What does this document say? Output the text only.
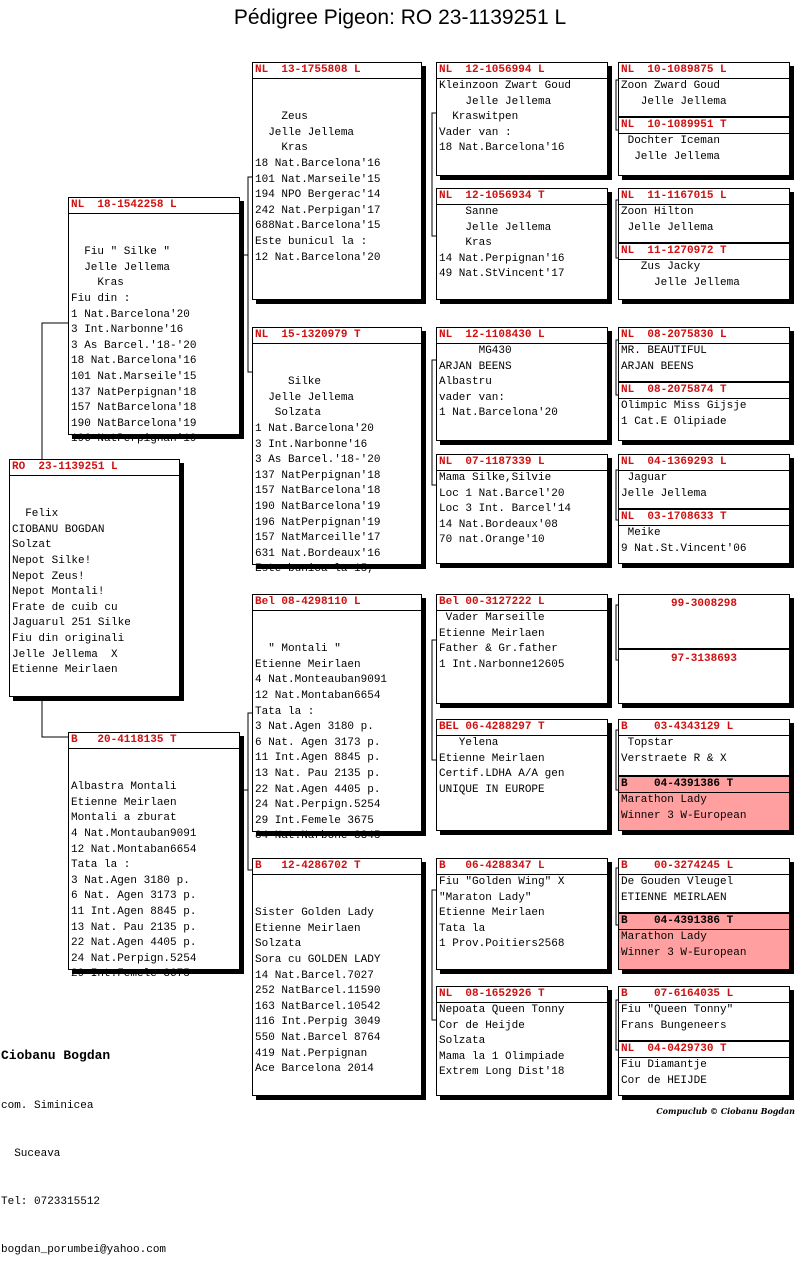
Pédigree Pigeon: RO 23-1139251 L
RO  23-1139251 L

Felix
CIOBANU BOGDAN
Solzat
Nepot Silke!
Nepot Zeus!
Nepot Montali!
Frate de cuib cu
Jaguarul 251 Silke
Fiu din originali
Jelle Jellema  X
Etienne Meirlaen

NL  18-1542258 L

Fiu " Silke "
Jelle Jellema
Kras
Fiu din :
1 Nat.Barcelona'20
3 Int.Narbonne'16
3 As Barcel.'18-'20
18 Nat.Barcelona'16
101 Nat.Marseile'15
137 NatPerpignan'18
157 NatBarcelona'18
190 NatBarcelona'19
196 NatPerpignan'19

B   20-4118135 T

Albastra Montali
Etienne Meirlaen
Montali a zburat
4 Nat.Montauban9091
12 Nat.Montaban6654
Tata la :
3 Nat.Agen 3180 p.
6 Nat. Agen 3173 p.
11 Int.Agen 8845 p.
13 Nat. Pau 2135 p.
22 Nat.Agen 4405 p.
24 Nat.Perpign.5254
29 Int.Femele 3675

NL  13-1755808 L

Zeus
Jelle Jellema
Kras
18 Nat.Barcelona'16
101 Nat.Marseile'15
194 NPO Bergerac'14
242 Nat.Perpigan'17
688Nat.Barcelona'15
Este bunicul la :
12 Nat.Barcelona'20

NL  15-1320979 T

Silke
Jelle Jellema
Solzata
1 Nat.Barcelona'20
3 Int.Narbonne'16
3 As Barcel.'18-'20
137 NatPerpignan'18
157 NatBarcelona'18
190 NatBarcelona'19
196 NatPerpignan'19
157 NatMarceille'17
631 Nat.Bordeaux'16
Este bunica la 15,

Bel 08-4298110 L

" Montali "
Etienne Meirlaen
4 Nat.Monteauban9091
12 Nat.Montaban6654
Tata la :
3 Nat.Agen 3180 p.
6 Nat. Agen 3173 p.
11 Int.Agen 8845 p.
13 Nat. Pau 2135 p.
22 Nat.Agen 4405 p.
24 Nat.Perpign.5254
29 Int.Femele 3675
84 Nat.Narbone 3345

B   12-4286702 T

Sister Golden Lady
Etienne Meirlaen
Solzata
Sora cu GOLDEN LADY
14 Nat.Barcel.7027
252 NatBarcel.11590
163 NatBarcel.10542
116 Int.Perpig 3049
550 Nat.Barcel 8764
419 Nat.Perpignan
Ace Barcelona 2014

NL  12-1056994 L
Kleinzoon Zwart Goud
Jelle Jellema
Kraswitpen
Vader van :
18 Nat.Barcelona'16
NL  12-1056934 T
Sanne
Jelle Jellema
Kras
14 Nat.Perpignan'16
49 Nat.StVincent'17
NL  12-1108430 L
MG430
ARJAN BEENS
Albastru
vader van:
1 Nat.Barcelona'20
NL  07-1187339 L
Mama Silke,Silvie
Loc 1 Nat.Barcel'20
Loc 3 Int. Barcel'14
14 Nat.Bordeaux'08
70 nat.Orange'10
Bel 00-3127222 L
Vader Marseille
Etienne Meirlaen
Father & Gr.father
1 Int.Narbonne12605
BEL 06-4288297 T
Yelena
Etienne Meirlaen
Certif.LDHA A/A gen
UNIQUE IN EUROPE
B   06-4288347 L
Fiu "Golden Wing" X
"Maraton Lady"
Etienne Meirlaen
Tata la
1 Prov.Poitiers2568
NL  08-1652926 T
Nepoata Queen Tonny
Cor de Heijde
Solzata
Mama la 1 Olimpiade
Extrem Long Dist'18
NL  10-1089875 L
Zoon Zward Goud
Jelle Jellema
NL  10-1089951 T
Dochter Iceman
Jelle Jellema
NL  11-1167015 L
Zoon Hilton
Jelle Jellema
NL  11-1270972 T
Zus Jacky
Jelle Jellema
NL  08-2075830 L
MR. BEAUTIFUL
ARJAN BEENS
NL  08-2075874 T
Olimpic Miss Gijsje
1 Cat.E Olipiade
NL  04-1369293 L
Jaguar
Jelle Jellema
NL  03-1708633 T
Meike
9 Nat.St.Vincent'06
99-3008298
97-3138693
B    03-4343129 L
Topstar
Verstraete R & X
B    04-4391386 T
Marathon Lady
Winner 3 W-European
B    00-3274245 L
De Gouden Vleugel
ETIENNE MEIRLAEN
B    04-4391386 T
Marathon Lady
Winner 3 W-European
B    07-6164035 L
Fiu "Queen Tonny"
Frans Bungeneers
NL  04-0429730 T
Fiu Diamantje
Cor de HEIJDE

Ciobanu Bogdan

com. Siminicea

Suceava

Tel: 0723315512

bogdan_porumbei@yahoo.com

Compuclub © Ciobanu Bogdan
